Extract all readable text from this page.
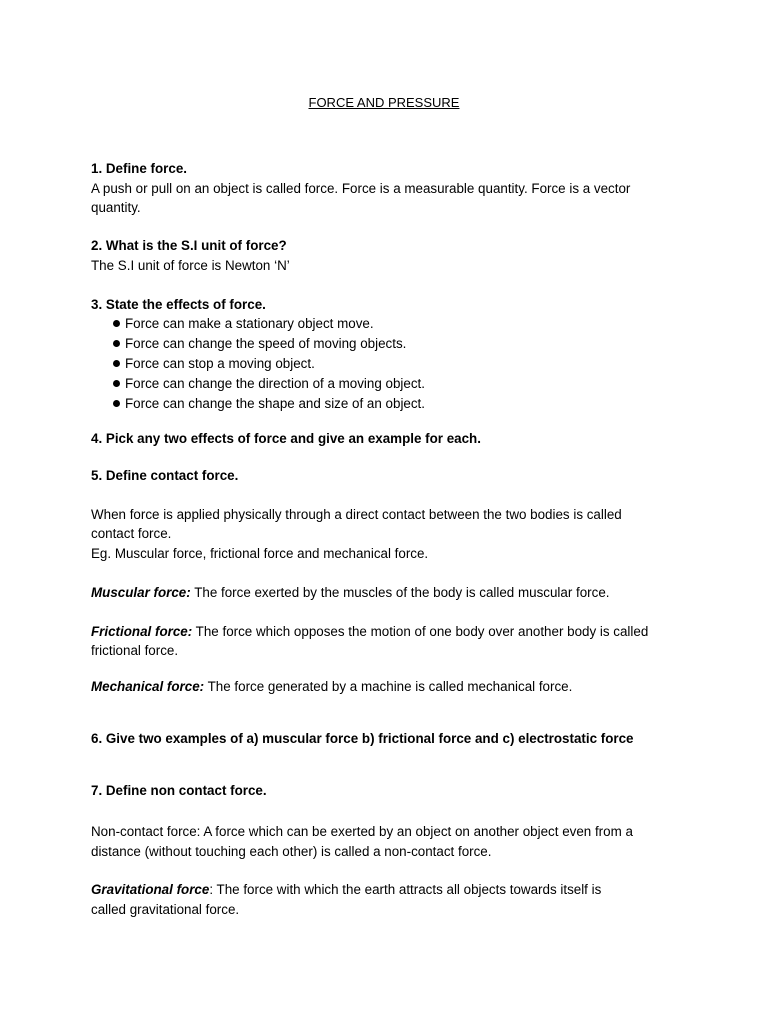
FORCE AND PRESSURE
1. Define force.
A push or pull on an object is called force. Force is a measurable quantity. Force is a vector
quantity.
2. What is the S.I unit of force?
The S.I unit of force is Newton ‘N’
3. State the effects of force.
Force can make a stationary object move.
Force can change the speed of moving objects.
Force can stop a moving object.
Force can change the direction of a moving object.
Force can change the shape and size of an object.
4. Pick any two effects of force and give an example for each.
5. Define contact force.
When force is applied physically through a direct contact between the two bodies is called
contact force.
Eg. Muscular force, frictional force and mechanical force.
Muscular force: The force exerted by the muscles of the body is called muscular force.
Frictional force: The force which opposes the motion of one body over another body is called
frictional force.
Mechanical force: The force generated by a machine is called mechanical force.
6. Give two examples of a) muscular force b) frictional force and c) electrostatic force
7. Define non contact force.
Non-contact force: A force which can be exerted by an object on another object even from a
distance (without touching each other) is called a non-contact force.
Gravitational force: The force with which the earth attracts all objects towards itself is
called gravitational force.
